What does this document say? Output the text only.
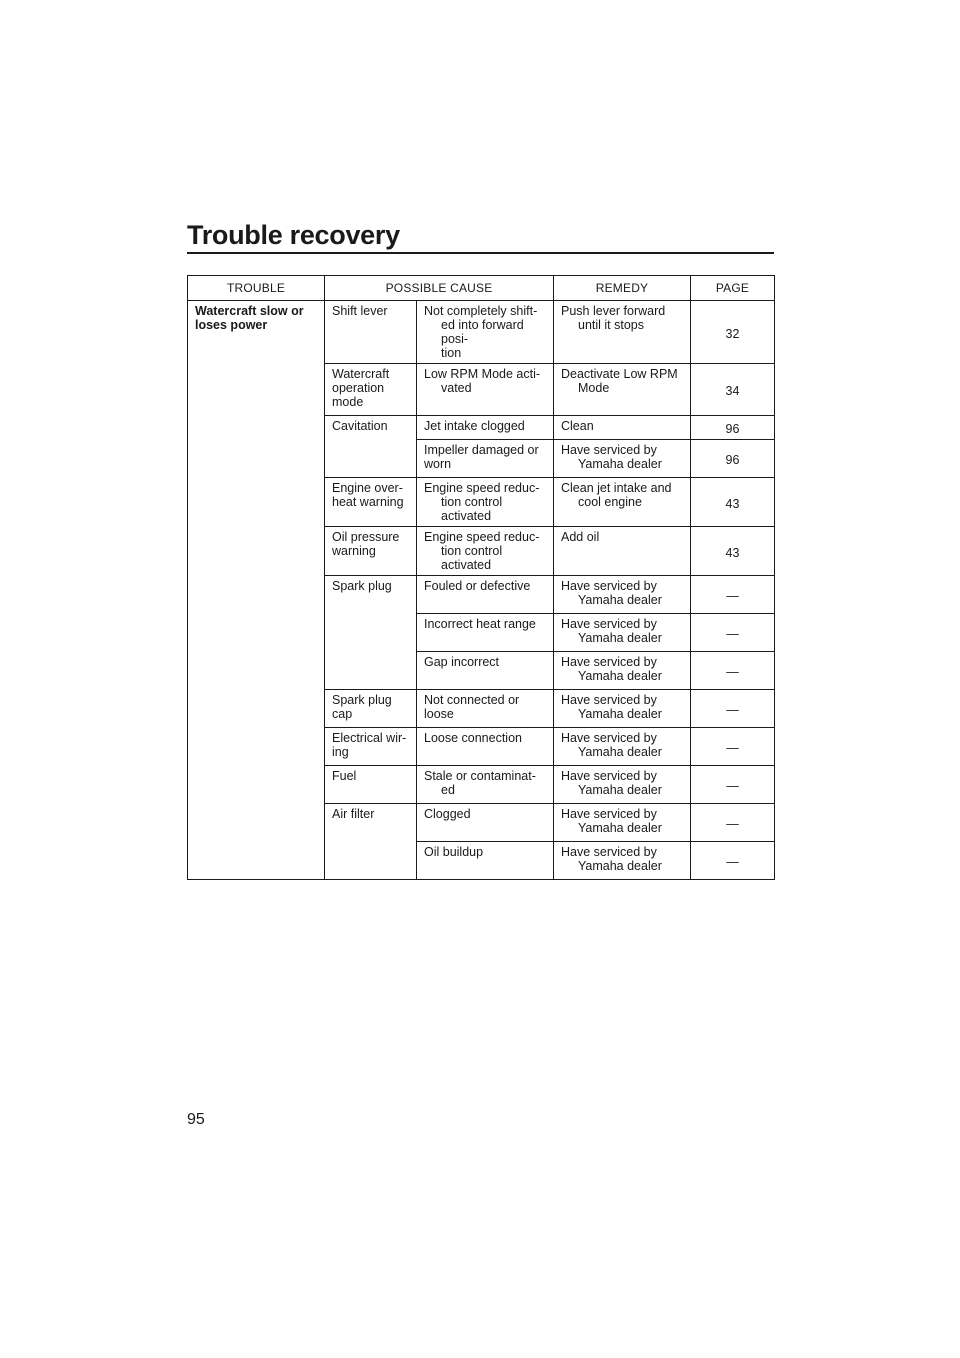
Trouble recovery
TROUBLE	POSSIBLE CAUSE		REMEDY	PAGE

Watercraft slow or
loses power	Shift lever	Not completely shift-
ed into forward posi-
tion	Push lever forward
until it stops	32

	Watercraft
operation
mode	Low RPM Mode acti-
vated	Deactivate Low RPM
Mode	34

	Cavitation	Jet intake clogged	Clean	96

		Impeller damaged or
worn	Have serviced by
Yamaha dealer	96

	Engine over-
heat warning	Engine speed reduc-
tion control activated	Clean jet intake and
cool engine	43

	Oil pressure
warning	Engine speed reduc-
tion control activated	Add oil	43

	Spark plug	Fouled or defective	Have serviced by
Yamaha dealer	—

		Incorrect heat range	Have serviced by
Yamaha dealer	—

		Gap incorrect	Have serviced by
Yamaha dealer	—

	Spark plug
cap	Not connected or
loose	Have serviced by
Yamaha dealer	—

	Electrical wir-
ing	Loose connection	Have serviced by
Yamaha dealer	—

	Fuel	Stale or contaminat-
ed	Have serviced by
Yamaha dealer	—

	Air filter	Clogged	Have serviced by
Yamaha dealer	—

		Oil buildup	Have serviced by
Yamaha dealer	—
95
